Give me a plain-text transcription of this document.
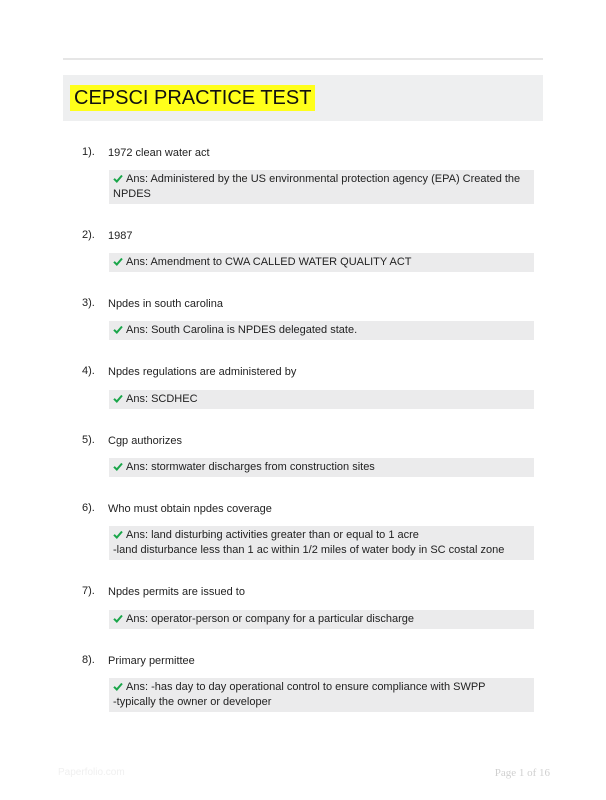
CEPSCI PRACTICE TEST
1). 1972 clean water act
Ans: Administered by the US environmental protection agency (EPA) Created the
NPDES
2). 1987
Ans: Amendment to CWA CALLED WATER QUALITY ACT
3). Npdes in south carolina
Ans: South Carolina is NPDES delegated state.
4). Npdes regulations are administered by
Ans: SCDHEC
5). Cgp authorizes
Ans: stormwater discharges from construction sites
6). Who must obtain npdes coverage
Ans: land disturbing activities greater than or equal to 1 acre
-land disturbance less than 1 ac within 1/2 miles of water body in SC costal zone
7). Npdes permits are issued to
Ans: operator-person or company for a particular discharge
8). Primary permittee
Ans: -has day to day operational control to ensure compliance with SWPP
-typically the owner or developer
Paperfolio.com	Page 1 of 16
